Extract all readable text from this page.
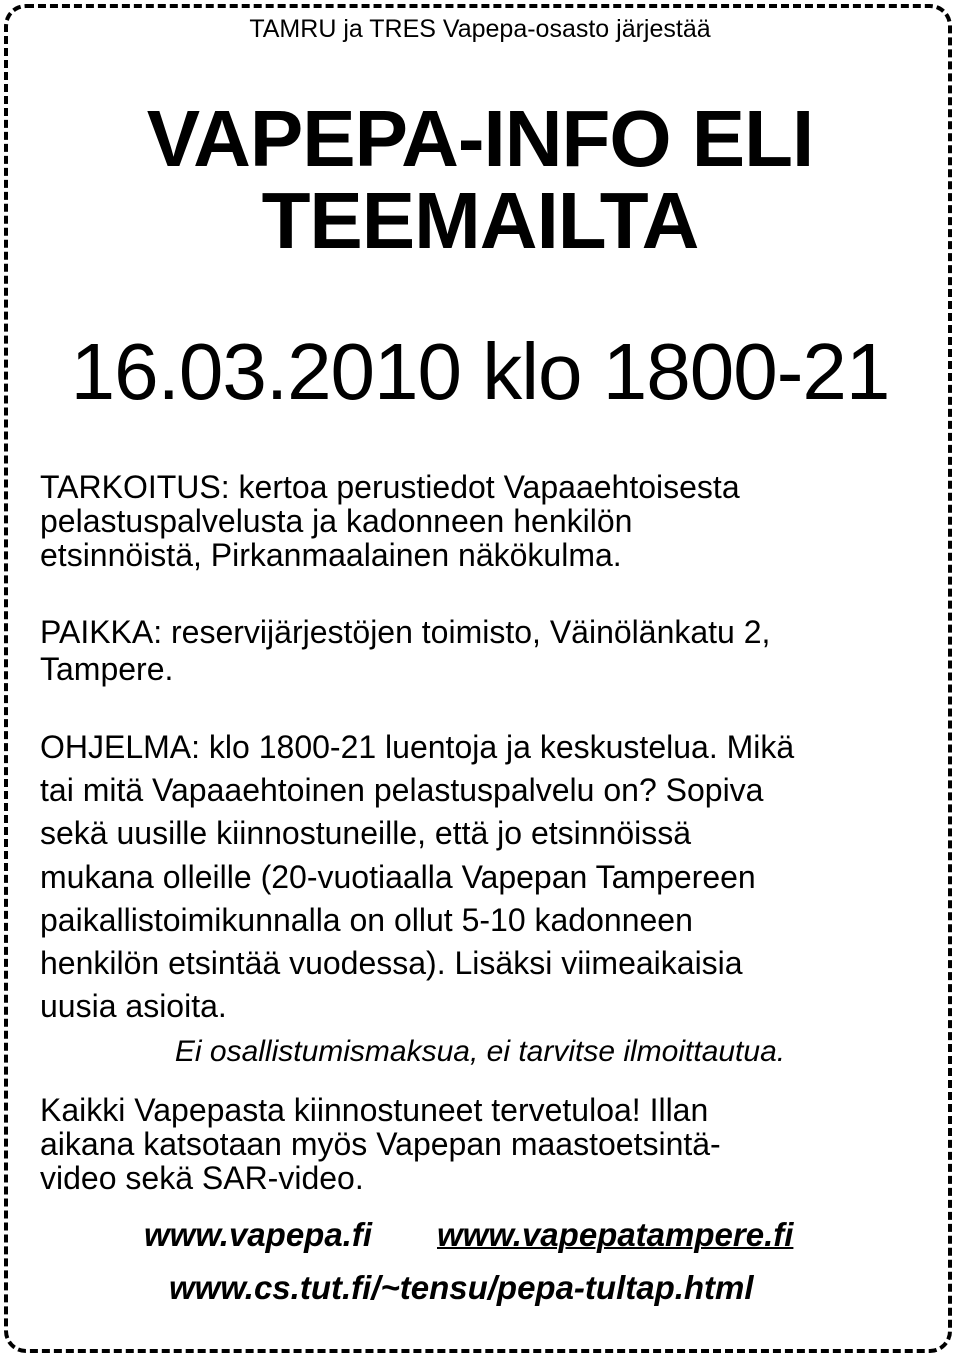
TAMRU ja TRES Vapepa-osasto järjestää

VAPEPA-INFO ELI
TEEMAILTA

16.03.2010 klo 1800-21

TARKOITUS: kertoa perustiedot Vapaaehtoisesta
pelastuspalvelusta ja kadonneen henkilön
etsinnöistä, Pirkanmaalainen näkökulma.
PAIKKA: reservijärjestöjen toimisto, Väinölänkatu 2,
Tampere.
OHJELMA: klo 1800-21 luentoja ja keskustelua. Mikä
tai mitä Vapaaehtoinen pelastuspalvelu on? Sopiva
sekä uusille kiinnostuneille, että jo etsinnöissä
mukana olleille (20-vuotiaalla Vapepan Tampereen
paikallistoimikunnalla on ollut 5-10 kadonneen
henkilön etsintää vuodessa). Lisäksi viimeaikaisia
uusia asioita.

Ei osallistumismaksua, ei tarvitse ilmoittautua.

Kaikki Vapepasta kiinnostuneet tervetuloa! Illan
aikana katsotaan myös Vapepan maastoetsintä-
video sekä SAR-video.
www.vapepa.fi www.vapepatampere.fi
www.cs.tut.fi/~tensu/pepa-tultap.html
